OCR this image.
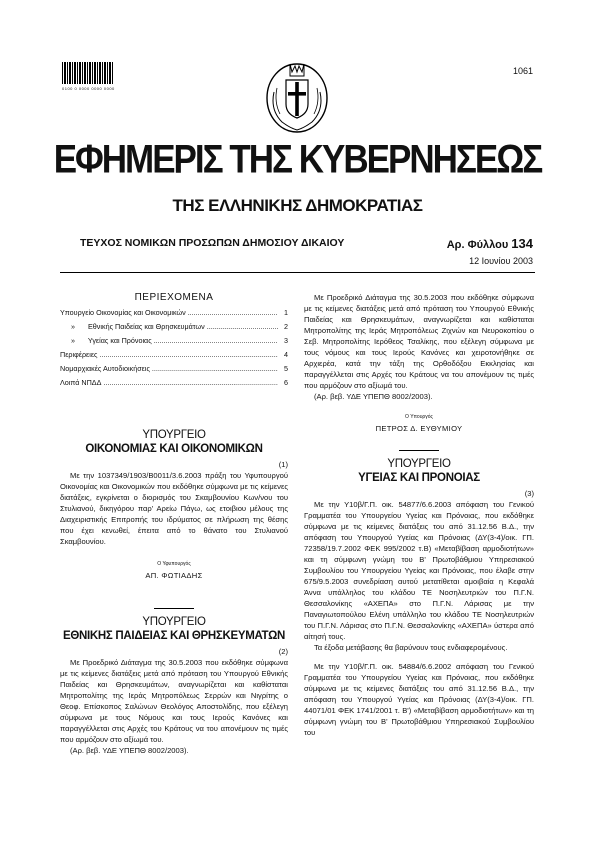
0100 0 0000 0000 0000
1061
ΕΦΗΜΕΡΙΣ ΤΗΣ ΚΥΒΕΡΝΗΣΕΩΣ
ΤΗΣ ΕΛΛΗΝΙΚΗΣ ΔΗΜΟΚΡΑΤΙΑΣ
ΤΕΥΧΟΣ ΝΟΜΙΚΩΝ ΠΡΟΣΩΠΩΝ ΔΗΜΟΣΙΟΥ ΔΙΚΑΙΟΥ	Αρ. Φύλλου 134
12 Ιουνίου 2003
ΠΕΡΙΕΧΟΜΕΝΑ
Υπουργείο Οικονομίας και Οικονομικών .....	1
» Εθνικής Παιδείας και Θρησκευμάτων .....	2
» Υγείας και Πρόνοιας .....	3
Περιφέρειες .....	4
Νομαρχιακές Αυτοδιοικήσεις .....	5
Λοιπά ΝΠΔΔ .....	6
ΥΠΟΥΡΓΕΙΟ
ΟΙΚΟΝΟΜΙΑΣ ΚΑΙ ΟΙΚΟΝΟΜΙΚΩΝ
(1)
Με την 1037349/1903/Β0011/3.6.2003 πράξη του Υφυπουργού Οικονομίας και Οικονομικών που εκδόθηκε σύμφωνα με τις κείμενες διατάξεις, εγκρίνεται ο διορισμός του Σκαμβουνίου Κων/νου του Στυλιανού, δικηγόρου παρ' Αρείω Πάγω, ως ετοιβιου μέλους της Διαχειριστικής Επιτροπής του ιδρύματος σε πλήρωση της θέσης που έχει κενωθεί, έπειτα από το θάνατο του Στυλιανού Σκαμβουνίου.
Ο Υφυπουργός
ΑΠ. ΦΩΤΙΑΔΗΣ
ΥΠΟΥΡΓΕΙΟ
ΕΘΝΙΚΗΣ ΠΑΙΔΕΙΑΣ ΚΑΙ ΘΡΗΣΚΕΥΜΑΤΩΝ
(2)
Με Προεδρικό Διάταγμα της 30.5.2003 που εκδόθηκε σύμφωνα με τις κείμενες διατάξεις μετά από πρόταση του Υπουργού Εθνικής Παιδείας και Θρησκευμάτων, αναγνωρίζεται και καθίσταται Μητροπολίτης της Ιεράς Μητροπόλεως Σερρών και Νιγρίτης ο Θεοφ. Επίσκοπος Σαλώνων Θεολόγος Αποστολίδης, που εξέλεγη σύμφωνα με τους Νόμους και τους Ιερούς Κανόνες και παραγγέλλεται στις Αρχές του Κράτους να του απονέμουν τις τιμές που αρμόζουν στο αξίωμά του.
(Αρ. βεβ. ΥΔΕ ΥΠΕΠΘ 8002/2003).
Με Προεδρικό Διάταγμα της 30.5.2003 που εκδόθηκε σύμφωνα με τις κείμενες διατάξεις μετά από πρόταση του Υπουργού Εθνικής Παιδείας και Θρησκευμάτων, αναγνωρίζεται και καθίσταται Μητροπολίτης της Ιεράς Μητροπόλεως Ζιχνών και Νευροκοπίου ο Σεβ. Μητροπολίτης Ιερόθεος Τσαλίκης, που εξέλεγη σύμφωνα με τους νόμους και τους Ιερούς Κανόνες και χειροτονήθηκε σε Αρχιερέα, κατά την τάξη της Ορθοδόξου Εκκλησίας και παραγγέλλεται στις Αρχές του Κράτους να του απονέμουν τις τιμές που αρμόζουν στο αξίωμά του.
(Αρ. βεβ. ΥΔΕ ΥΠΕΠΘ 8002/2003).
Ο Υπουργός
ΠΕΤΡΟΣ Δ. ΕΥΘΥΜΙΟΥ
ΥΠΟΥΡΓΕΙΟ
ΥΓΕΙΑΣ ΚΑΙ ΠΡΟΝΟΙΑΣ
(3)
Με την Υ10β/Γ.Π. οικ. 54877/6.6.2003 απόφαση του Γενικού Γραμματέα του Υπουργείου Υγείας και Πρόνοιας, που εκδόθηκε σύμφωνα με τις κείμενες διατάξεις του από 31.12.56 Β.Δ., την απόφαση του Υπουργού Υγείας και Πρόνοιας (ΔΥ(3-4)/οικ. ΓΠ. 72358/19.7.2002 ΦΕΚ 995/2002 τ.Β) «Μεταβίβαση αρμοδιοτήτων» και τη σύμφωνη γνώμη του Β' Πρωτοβάθμιου Υπηρεσιακού Συμβουλίου του Υπουργείου Υγείας και Πρόνοιας, που έλαβε στην 675/9.5.2003 συνεδρίαση αυτού μετατίθεται αμοιβαία η Κεφαλά Άννα υπάλληλος του κλάδου ΤΕ Νοσηλευτριών του Π.Γ.Ν. Θεσσαλονίκης «ΑΧΕΠΑ» στο Π.Γ.Ν. Λάρισας με την Παναγιωτοπούλου Ελένη υπάλληλο του κλάδου ΤΕ Νοσηλευτριών του Π.Γ.Ν. Λάρισας στο Π.Γ.Ν. Θεσσαλονίκης «ΑΧΕΠΑ» ύστερα από αίτησή τους.
Τα έξοδα μετάβασης θα βαρύνουν τους ενδιαφερομένους.
Με την Υ10β/Γ.Π. οικ. 54884/6.6.2002 απόφαση του Γενικού Γραμματέα του Υπουργείου Υγείας και Πρόνοιας, που εκδόθηκε σύμφωνα με τις κείμενες διατάξεις του από 31.12.56 Β.Δ., την απόφαση του Υπουργού Υγείας και Πρόνοιας (ΔΥ(3-4)/οικ. ΓΠ. 44071/01 ΦΕΚ 1741/2001 τ. Β') «Μεταβίβαση αρμοδιοτήτων» και τη σύμφωνη γνώμη του Β' Πρωτοβάθμιου Υπηρεσιακού Συμβουλίου του
